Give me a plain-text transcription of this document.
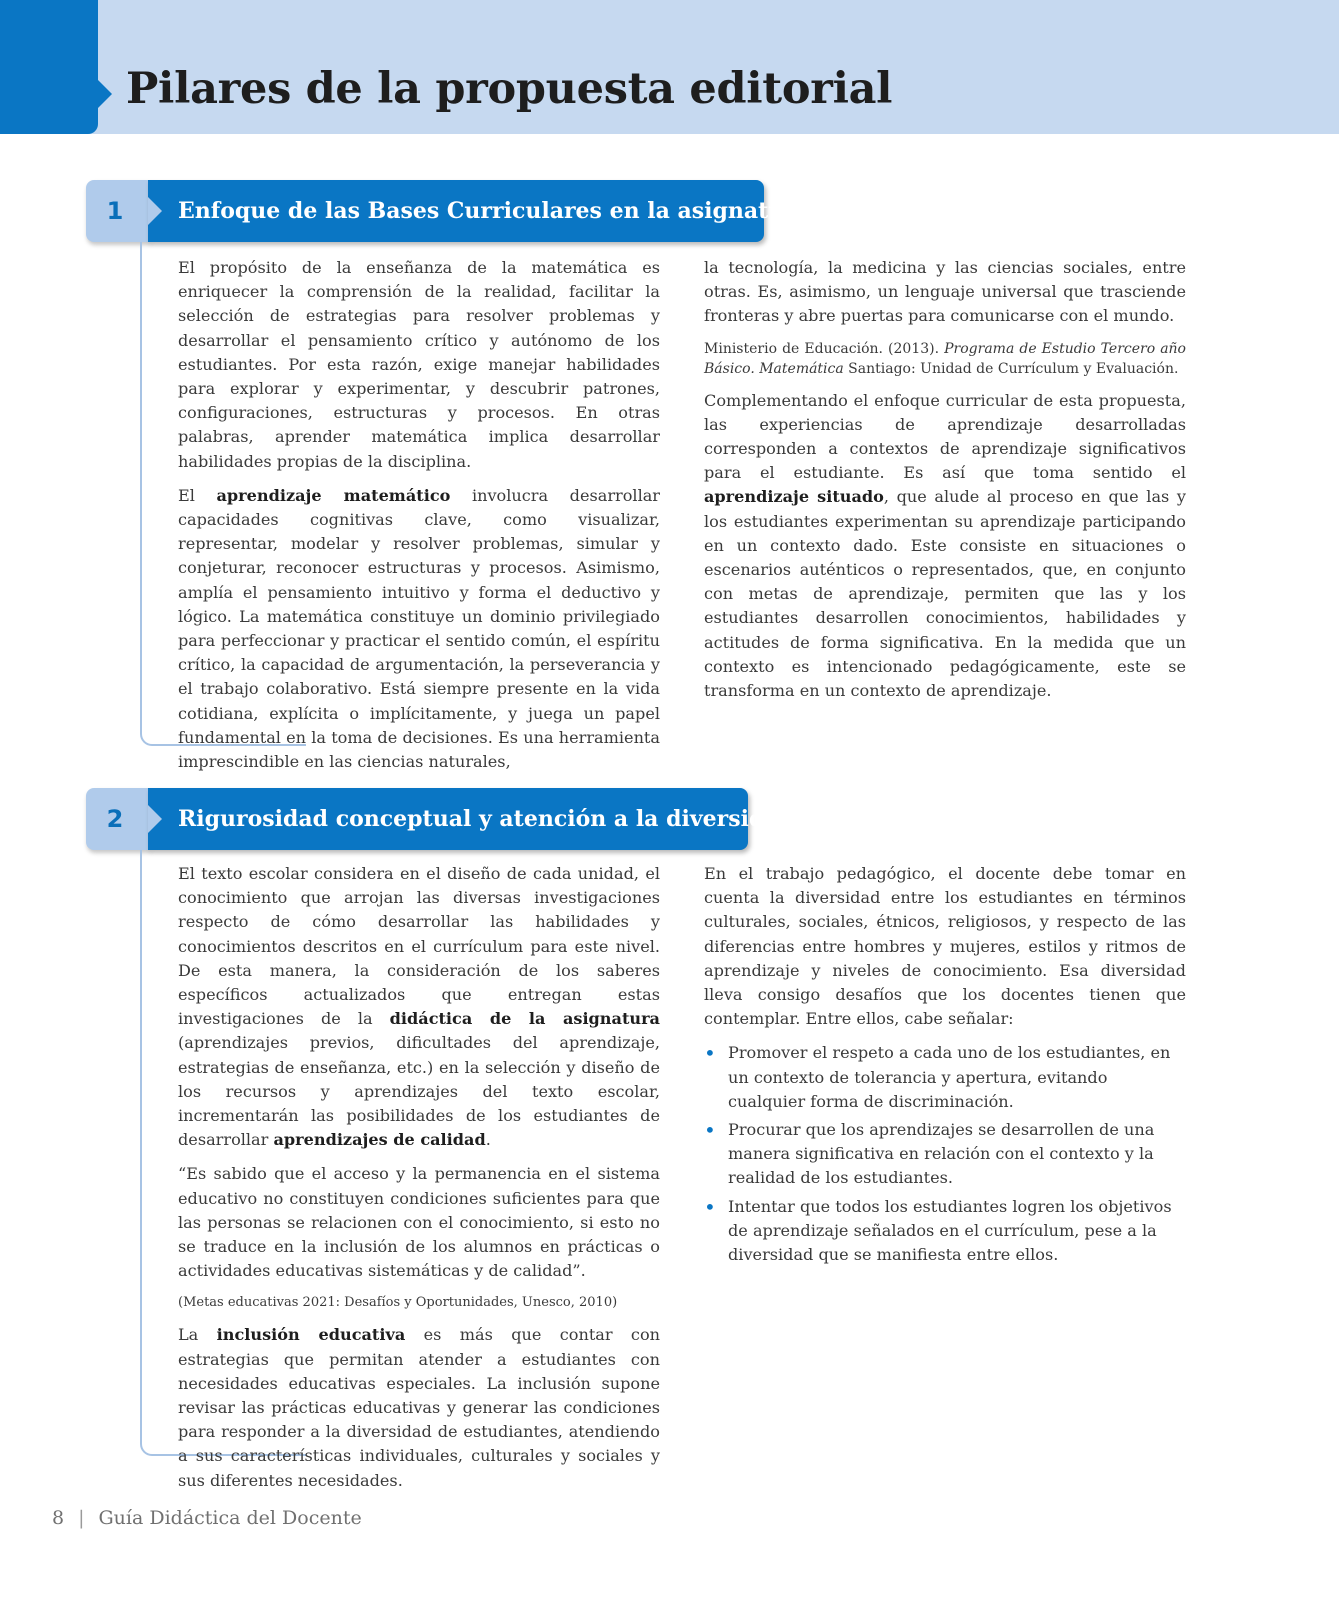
Pilares de la propuesta editorial
1	Enfoque de las Bases Curriculares en la asignatura

El propósito de la enseñanza de la matemática es enriquecer la comprensión de la realidad, facilitar la selección de estrategias para resolver problemas y desarrollar el pensamiento crítico y autónomo de los estudiantes. Por esta razón, exige manejar habilidades para explorar y experimentar, y descubrir patrones, configuraciones, estructuras y procesos. En otras palabras, aprender matemática implica desarrollar habilidades propias de la disciplina.

El aprendizaje matemático involucra desarrollar capacidades cognitivas clave, como visualizar, representar, modelar y resolver problemas, simular y conjeturar, reconocer estructuras y procesos. Asimismo, amplía el pensamiento intuitivo y forma el deductivo y lógico. La matemática constituye un dominio privilegiado para perfeccionar y practicar el sentido común, el espíritu crítico, la capacidad de argumentación, la perseverancia y el trabajo colaborativo. Está siempre presente en la vida cotidiana, explícita o implícitamente, y juega un papel fundamental en la toma de decisiones. Es una herramienta imprescindible en las ciencias naturales,

la tecnología, la medicina y las ciencias sociales, entre otras. Es, asimismo, un lenguaje universal que trasciende fronteras y abre puertas para comunicarse con el mundo.

Ministerio de Educación. (2013). Programa de Estudio Tercero año Básico. Matemática Santiago: Unidad de Currículum y Evaluación.

Complementando el enfoque curricular de esta propuesta, las experiencias de aprendizaje desarrolladas corresponden a contextos de aprendizaje significativos para el estudiante. Es así que toma sentido el aprendizaje situado, que alude al proceso en que las y los estudiantes experimentan su aprendizaje participando en un contexto dado. Este consiste en situaciones o escenarios auténticos o representados, que, en conjunto con metas de aprendizaje, permiten que las y los estudiantes desarrollen conocimientos, habilidades y actitudes de forma significativa. En la medida que un contexto es intencionado pedagógicamente, este se transforma en un contexto de aprendizaje.

2	Rigurosidad conceptual y atención a la diversidad

El texto escolar considera en el diseño de cada unidad, el conocimiento que arrojan las diversas investigaciones respecto de cómo desarrollar las habilidades y conocimientos descritos en el currículum para este nivel. De esta manera, la consideración de los saberes específicos actualizados que entregan estas investigaciones de la didáctica de la asignatura (aprendizajes previos, dificultades del aprendizaje, estrategias de enseñanza, etc.) en la selección y diseño de los recursos y aprendizajes del texto escolar, incrementarán las posibilidades de los estudiantes de desarrollar aprendizajes de calidad.

“Es sabido que el acceso y la permanencia en el sistema educativo no constituyen condiciones suficientes para que las personas se relacionen con el conocimiento, si esto no se traduce en la inclusión de los alumnos en prácticas o actividades educativas sistemáticas y de calidad”.

(Metas educativas 2021: Desafíos y Oportunidades, Unesco, 2010)

La inclusión educativa es más que contar con estrategias que permitan atender a estudiantes con necesidades educativas especiales. La inclusión supone revisar las prácticas educativas y generar las condiciones para responder a la diversidad de estudiantes, atendiendo a sus características individuales, culturales y sociales y sus diferentes necesidades.

En el trabajo pedagógico, el docente debe tomar en cuenta la diversidad entre los estudiantes en términos culturales, sociales, étnicos, religiosos, y respecto de las diferencias entre hombres y mujeres, estilos y ritmos de aprendizaje y niveles de conocimiento. Esa diversidad lleva consigo desafíos que los docentes tienen que contemplar. Entre ellos, cabe señalar:

• Promover el respeto a cada uno de los estudiantes, en un contexto de tolerancia y apertura, evitando cualquier forma de discriminación.
• Procurar que los aprendizajes se desarrollen de una manera significativa en relación con el contexto y la realidad de los estudiantes.
• Intentar que todos los estudiantes logren los objetivos de aprendizaje señalados en el currículum, pese a la diversidad que se manifiesta entre ellos.
8 | Guía Didáctica del Docente
